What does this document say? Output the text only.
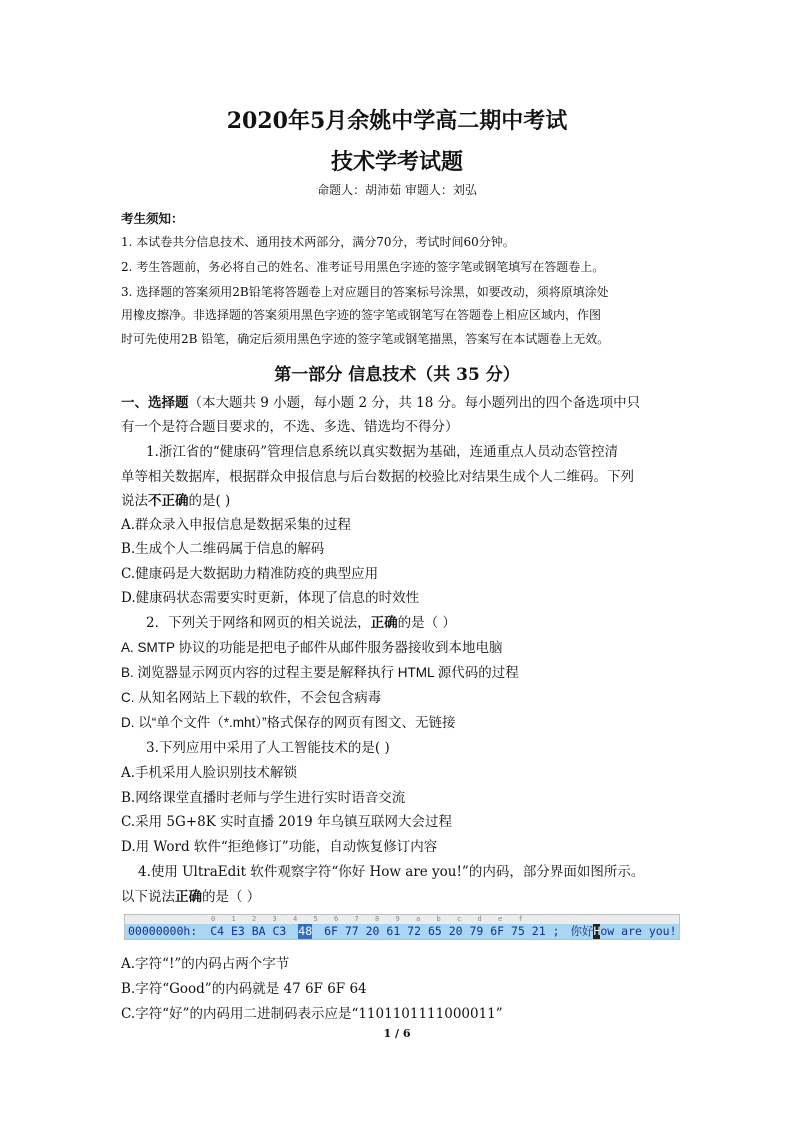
2020年5月余姚中学高二期中考试
技术学考试题
命题人：胡沛茹 审题人：刘弘
考生须知：
1. 本试卷共分信息技术、通用技术两部分，满分70分，考试时间60分钟。
2. 考生答题前，务必将自己的姓名、准考证号用黑色字迹的签字笔或钢笔填写在答题卷上。
3. 选择题的答案须用2B铅笔将答题卷上对应题目的答案标号涂黑，如要改动，须将原填涂处
用橡皮擦净。非选择题的答案须用黑色字迹的签字笔或钢笔写在答题卷上相应区域内，作图
时可先使用2B 铅笔，确定后须用黑色字迹的签字笔或钢笔描黑，答案写在本试题卷上无效。
第一部分 信息技术（共 35 分）
一、选择题（本大题共 9 小题，每小题 2 分，共 18 分。每小题列出的四个备选项中只
有一个是符合题目要求的，不选、多选、错选均不得分）
1.浙江省的“健康码”管理信息系统以真实数据为基础，连通重点人员动态管控清
单等相关数据库，根据群众申报信息与后台数据的校验比对结果生成个人二维码。下列
说法不正确的是( )
A.群众录入申报信息是数据采集的过程
B.生成个人二维码属于信息的解码
C.健康码是大数据助力精准防疫的典型应用
D.健康码状态需要实时更新，体现了信息的时效性
2．下列关于网络和网页的相关说法，正确的是（ ）
A. SMTP 协议的功能是把电子邮件从邮件服务器接收到本地电脑
B. 浏览器显示网页内容的过程主要是解释执行 HTML 源代码的过程
C. 从知名网站上下载的软件，不会包含病毒
D. 以“单个文件（*.mht）”格式保存的网页有图文、无链接
3.下列应用中采用了人工智能技术的是( )
A.手机采用人脸识别技术解锁
B.网络课堂直播时老师与学生进行实时语音交流
C.采用 5G+8K 实时直播 2019 年乌镇互联网大会过程
D.用 Word 软件“拒绝修订”功能，自动恢复修订内容
4.使用 UltraEdit 软件观察字符“你好 How are you!”的内码，部分界面如图所示。
以下说法正确的是（ ）
0 1 2 3 4 5 6 7 8 9 a b c d e f
00000000h: C4 E3 BA C3 48 6F 77 20 61 72 65 20 79 6F 75 21 ; 你好How are you!
A.字符“!”的内码占两个字节
B.字符“Good”的内码就是 47 6F 6F 64
C.字符“好”的内码用二进制码表示应是“1101101111000011”
1 / 6
